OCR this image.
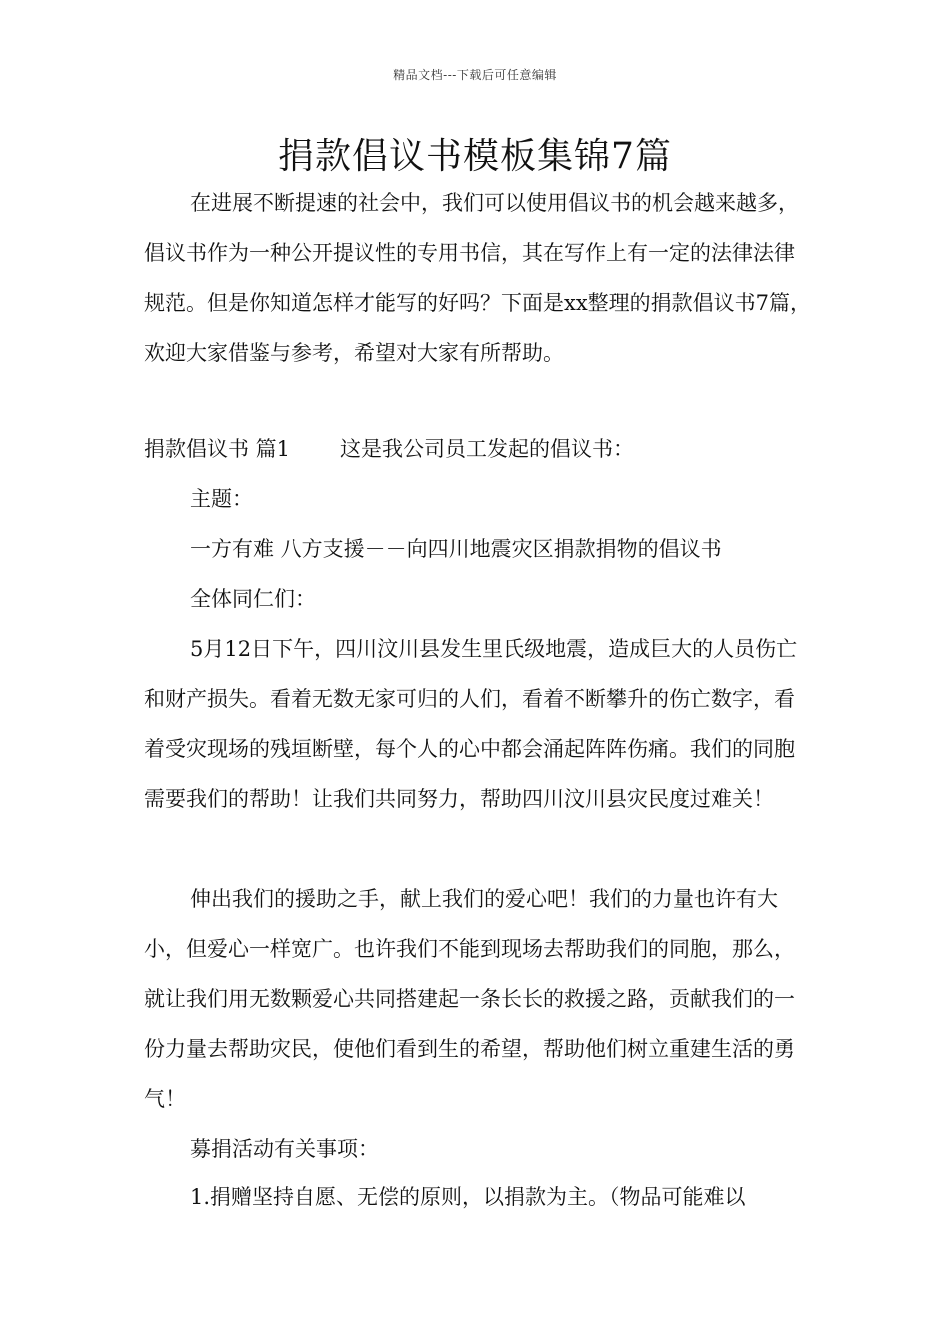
精品文档---下载后可任意编辑
捐款倡议书模板集锦7篇

在进展不断提速的社会中，我们可以使用倡议书的机会越来越多，倡议书作为一种公开提议性的专用书信，其在写作上有一定的法律法律规范。但是你知道怎样才能写的好吗？下面是xx整理的捐款倡议书7篇，欢迎大家借鉴与参考，希望对大家有所帮助。

捐款倡议书 篇1 这是我公司员工发起的倡议书：

主题：

一方有难 八方支援－－向四川地震灾区捐款捐物的倡议书

全体同仁们：

5月12日下午，四川汶川县发生里氏级地震，造成巨大的人员伤亡和财产损失。看着无数无家可归的人们，看着不断攀升的伤亡数字，看着受灾现场的残垣断壁，每个人的心中都会涌起阵阵伤痛。我们的同胞需要我们的帮助！让我们共同努力，帮助四川汶川县灾民度过难关！

伸出我们的援助之手，献上我们的爱心吧！我们的力量也许有大小，但爱心一样宽广。也许我们不能到现场去帮助我们的同胞，那么，就让我们用无数颗爱心共同搭建起一条长长的救援之路，贡献我们的一份力量去帮助灾民，使他们看到生的希望，帮助他们树立重建生活的勇气！

募捐活动有关事项：

1.捐赠坚持自愿、无偿的原则，以捐款为主。（物品可能难以
